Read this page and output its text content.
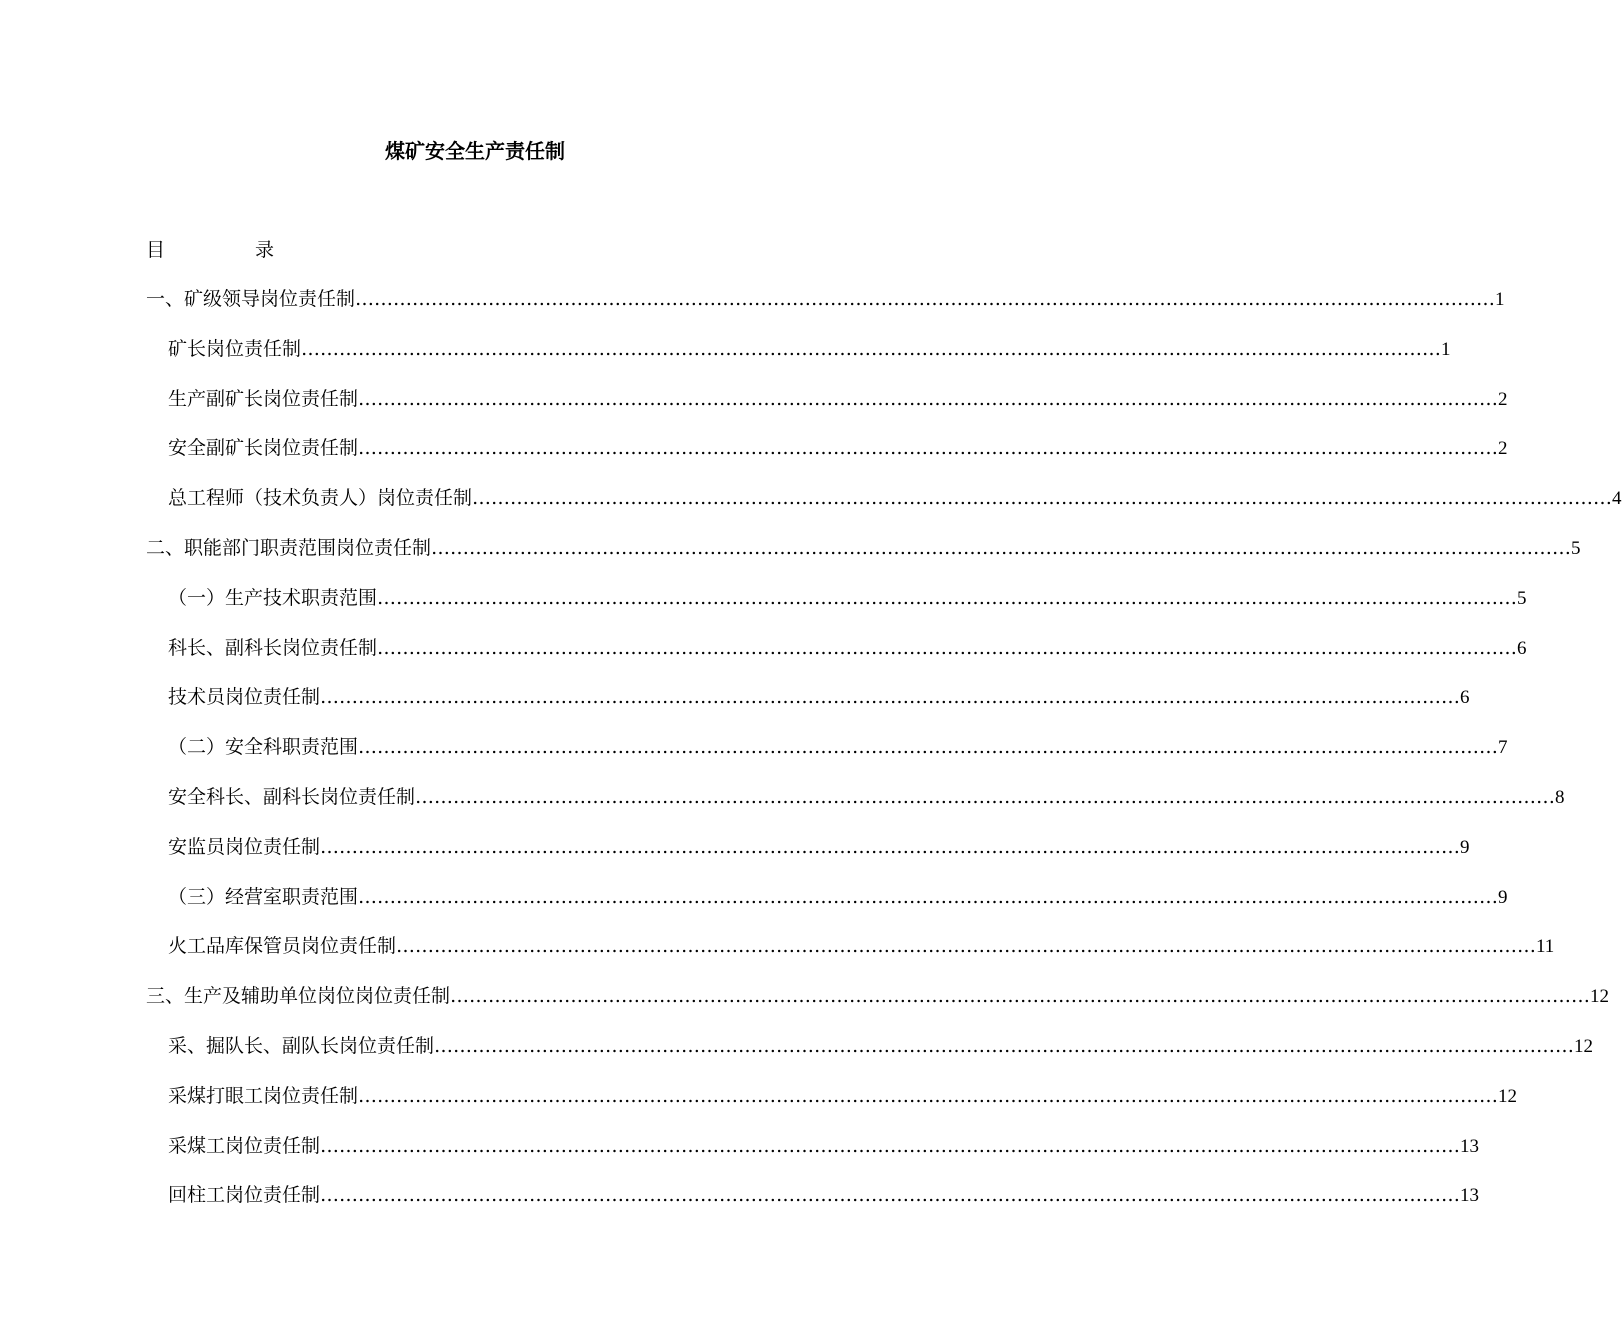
煤矿安全生产责任制
目	录
一、矿级领导岗位责任制 ……………………………………………………………………………………………………………………………………………………………… 1
矿长岗位责任制 ……………………………………………………………………………………………………………………………………………………………… 1
生产副矿长岗位责任制 ……………………………………………………………………………………………………………………………………………………………… 2
安全副矿长岗位责任制 ……………………………………………………………………………………………………………………………………………………………… 2
总工程师（技术负责人）岗位责任制 ……………………………………………………………………………………………………………………………………………………………… 4
二、职能部门职责范围岗位责任制 ……………………………………………………………………………………………………………………………………………………………… 5
（一）生产技术职责范围 ……………………………………………………………………………………………………………………………………………………………… 5
科长、副科长岗位责任制 ……………………………………………………………………………………………………………………………………………………………… 6
技术员岗位责任制 ……………………………………………………………………………………………………………………………………………………………… 6
（二）安全科职责范围 ……………………………………………………………………………………………………………………………………………………………… 7
安全科长、副科长岗位责任制 ……………………………………………………………………………………………………………………………………………………………… 8
安监员岗位责任制 ……………………………………………………………………………………………………………………………………………………………… 9
（三）经营室职责范围 ……………………………………………………………………………………………………………………………………………………………… 9
火工品库保管员岗位责任制 ……………………………………………………………………………………………………………………………………………………………… 11
三、生产及辅助单位岗位岗位责任制 ……………………………………………………………………………………………………………………………………………………………… 12
采、掘队长、副队长岗位责任制 ……………………………………………………………………………………………………………………………………………………………… 12
采煤打眼工岗位责任制 ……………………………………………………………………………………………………………………………………………………………… 12
采煤工岗位责任制 ……………………………………………………………………………………………………………………………………………………………… 13
回柱工岗位责任制 ……………………………………………………………………………………………………………………………………………………………… 13
